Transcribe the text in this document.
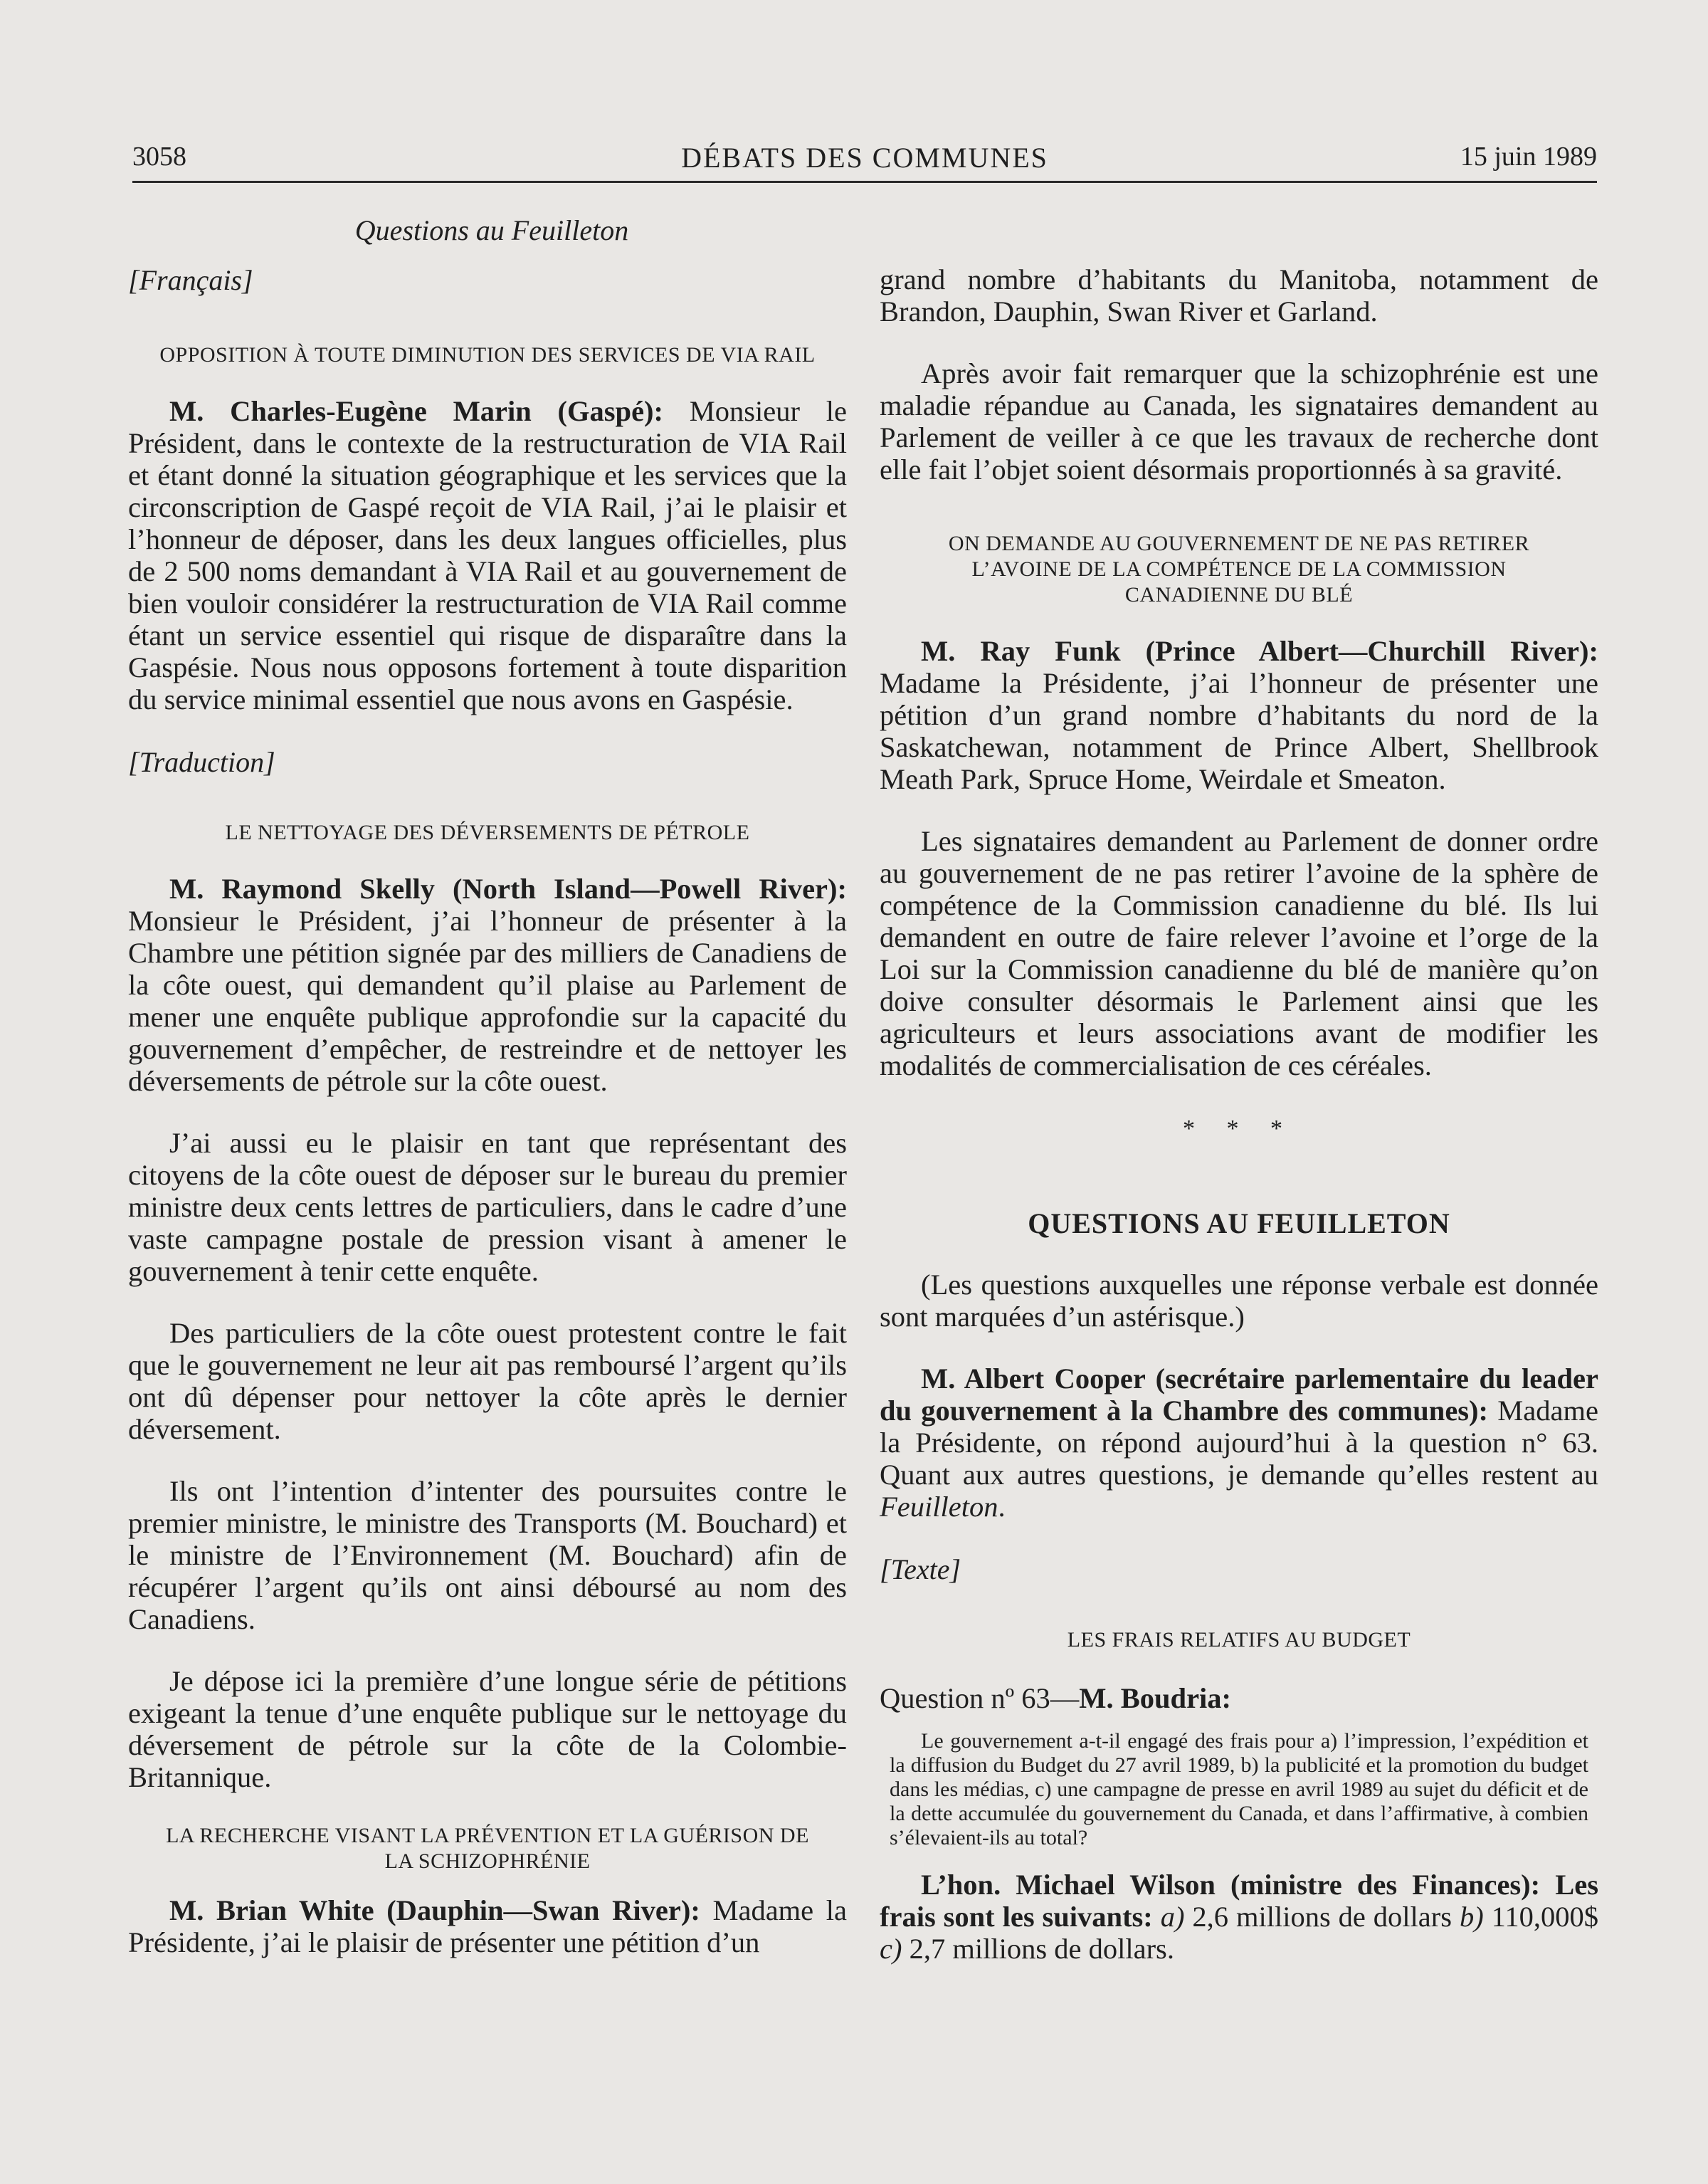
3058	DÉBATS DES COMMUNES	15 juin 1989
Questions au Feuilleton
[Français]
OPPOSITION À TOUTE DIMINUTION DES SERVICES DE VIA RAIL

M. Charles-Eugène Marin (Gaspé): Monsieur le Président, dans le contexte de la restructuration de VIA Rail et étant donné la situation géographique et les services que la circonscription de Gaspé reçoit de VIA Rail, j’ai le plaisir et l’honneur de déposer, dans les deux langues officielles, plus de 2 500 noms demandant à VIA Rail et au gouvernement de bien vouloir considérer la restructuration de VIA Rail comme étant un service essentiel qui risque de disparaître dans la Gaspésie. Nous nous opposons fortement à toute disparition du service minimal essentiel que nous avons en Gaspésie.

[Traduction]
LE NETTOYAGE DES DÉVERSEMENTS DE PÉTROLE

M. Raymond Skelly (North Island—Powell River): Monsieur le Président, j’ai l’honneur de présenter à la Chambre une pétition signée par des milliers de Canadiens de la côte ouest, qui demandent qu’il plaise au Parlement de mener une enquête publique approfondie sur la capacité du gouvernement d’empêcher, de restreindre et de nettoyer les déversements de pétrole sur la côte ouest.

J’ai aussi eu le plaisir en tant que représentant des citoyens de la côte ouest de déposer sur le bureau du premier ministre deux cents lettres de particuliers, dans le cadre d’une vaste campagne postale de pression visant à amener le gouvernement à tenir cette enquête.

Des particuliers de la côte ouest protestent contre le fait que le gouvernement ne leur ait pas remboursé l’argent qu’ils ont dû dépenser pour nettoyer la côte après le dernier déversement.

Ils ont l’intention d’intenter des poursuites contre le premier ministre, le ministre des Transports (M. Bouchard) et le ministre de l’Environnement (M. Bouchard) afin de récupérer l’argent qu’ils ont ainsi déboursé au nom des Canadiens.

Je dépose ici la première d’une longue série de pétitions exigeant la tenue d’une enquête publique sur le nettoyage du déversement de pétrole sur la côte de la Colombie-Britannique.

LA RECHERCHE VISANT LA PRÉVENTION ET LA GUÉRISON DE LA SCHIZOPHRÉNIE

M. Brian White (Dauphin—Swan River): Madame la Présidente, j’ai le plaisir de présenter une pétition d’un

grand nombre d’habitants du Manitoba, notamment de Brandon, Dauphin, Swan River et Garland.

Après avoir fait remarquer que la schizophrénie est une maladie répandue au Canada, les signataires demandent au Parlement de veiller à ce que les travaux de recherche dont elle fait l’objet soient désormais proportionnés à sa gravité.

ON DEMANDE AU GOUVERNEMENT DE NE PAS RETIRER L’AVOINE DE LA COMPÉTENCE DE LA COMMISSION CANADIENNE DU BLÉ

M. Ray Funk (Prince Albert—Churchill River): Madame la Présidente, j’ai l’honneur de présenter une pétition d’un grand nombre d’habitants du nord de la Saskatchewan, notamment de Prince Albert, Shellbrook Meath Park, Spruce Home, Weirdale et Smeaton.

Les signataires demandent au Parlement de donner ordre au gouvernement de ne pas retirer l’avoine de la sphère de compétence de la Commission canadienne du blé. Ils lui demandent en outre de faire relever l’avoine et l’orge de la Loi sur la Commission canadienne du blé de manière qu’on doive consulter désormais le Parlement ainsi que les agriculteurs et leurs associations avant de modifier les modalités de commercialisation de ces céréales.

* * *
QUESTIONS AU FEUILLETON

(Les questions auxquelles une réponse verbale est donnée sont marquées d’un astérisque.)

M. Albert Cooper (secrétaire parlementaire du leader du gouvernement à la Chambre des communes): Madame la Présidente, on répond aujourd’hui à la question n° 63. Quant aux autres questions, je demande qu’elles restent au Feuilleton.

[Texte]
LES FRAIS RELATIFS AU BUDGET
Question nº 63—M. Boudria:

Le gouvernement a-t-il engagé des frais pour a) l’impression, l’expédition et la diffusion du Budget du 27 avril 1989, b) la publicité et la promotion du budget dans les médias, c) une campagne de presse en avril 1989 au sujet du déficit et de la dette accumulée du gouvernement du Canada, et dans l’affirmative, à combien s’élevaient-ils au total?

L’hon. Michael Wilson (ministre des Finances): Les frais sont les suivants: a) 2,6 millions de dollars b) 110,000$ c) 2,7 millions de dollars.
